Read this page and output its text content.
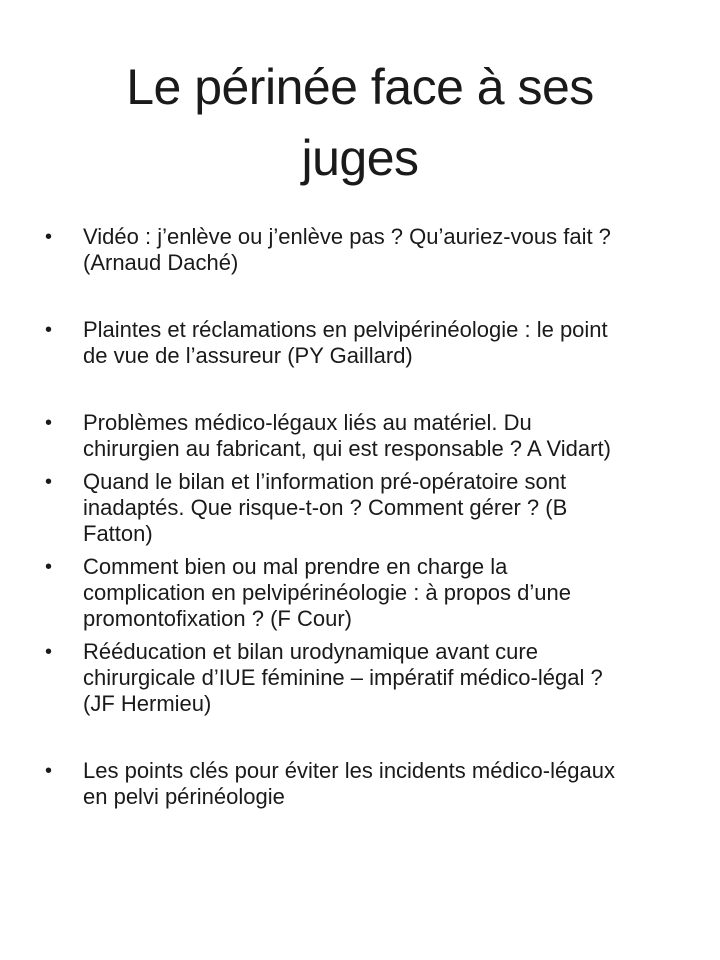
Le périnée face à ses
juges
•	Vidéo : j’enlève ou j’enlève pas ? Qu’auriez-vous fait ?
(Arnaud Daché)
•	Plaintes et réclamations en pelvipérinéologie : le point
de vue de l’assureur (PY Gaillard)
•	Problèmes médico-légaux liés au matériel. Du
chirurgien au fabricant, qui est responsable ? A Vidart)
•	Quand le bilan et l’information pré-opératoire sont
inadaptés. Que risque-t-on ? Comment gérer ? (B
Fatton)
•	Comment bien ou mal prendre en charge la
complication en pelvipérinéologie : à propos d’une
promontofixation ? (F Cour)
•	Rééducation et bilan urodynamique avant cure
chirurgicale d’IUE féminine – impératif médico-légal ?
(JF Hermieu)
•	Les points clés pour éviter les incidents médico-légaux
en pelvi périnéologie
